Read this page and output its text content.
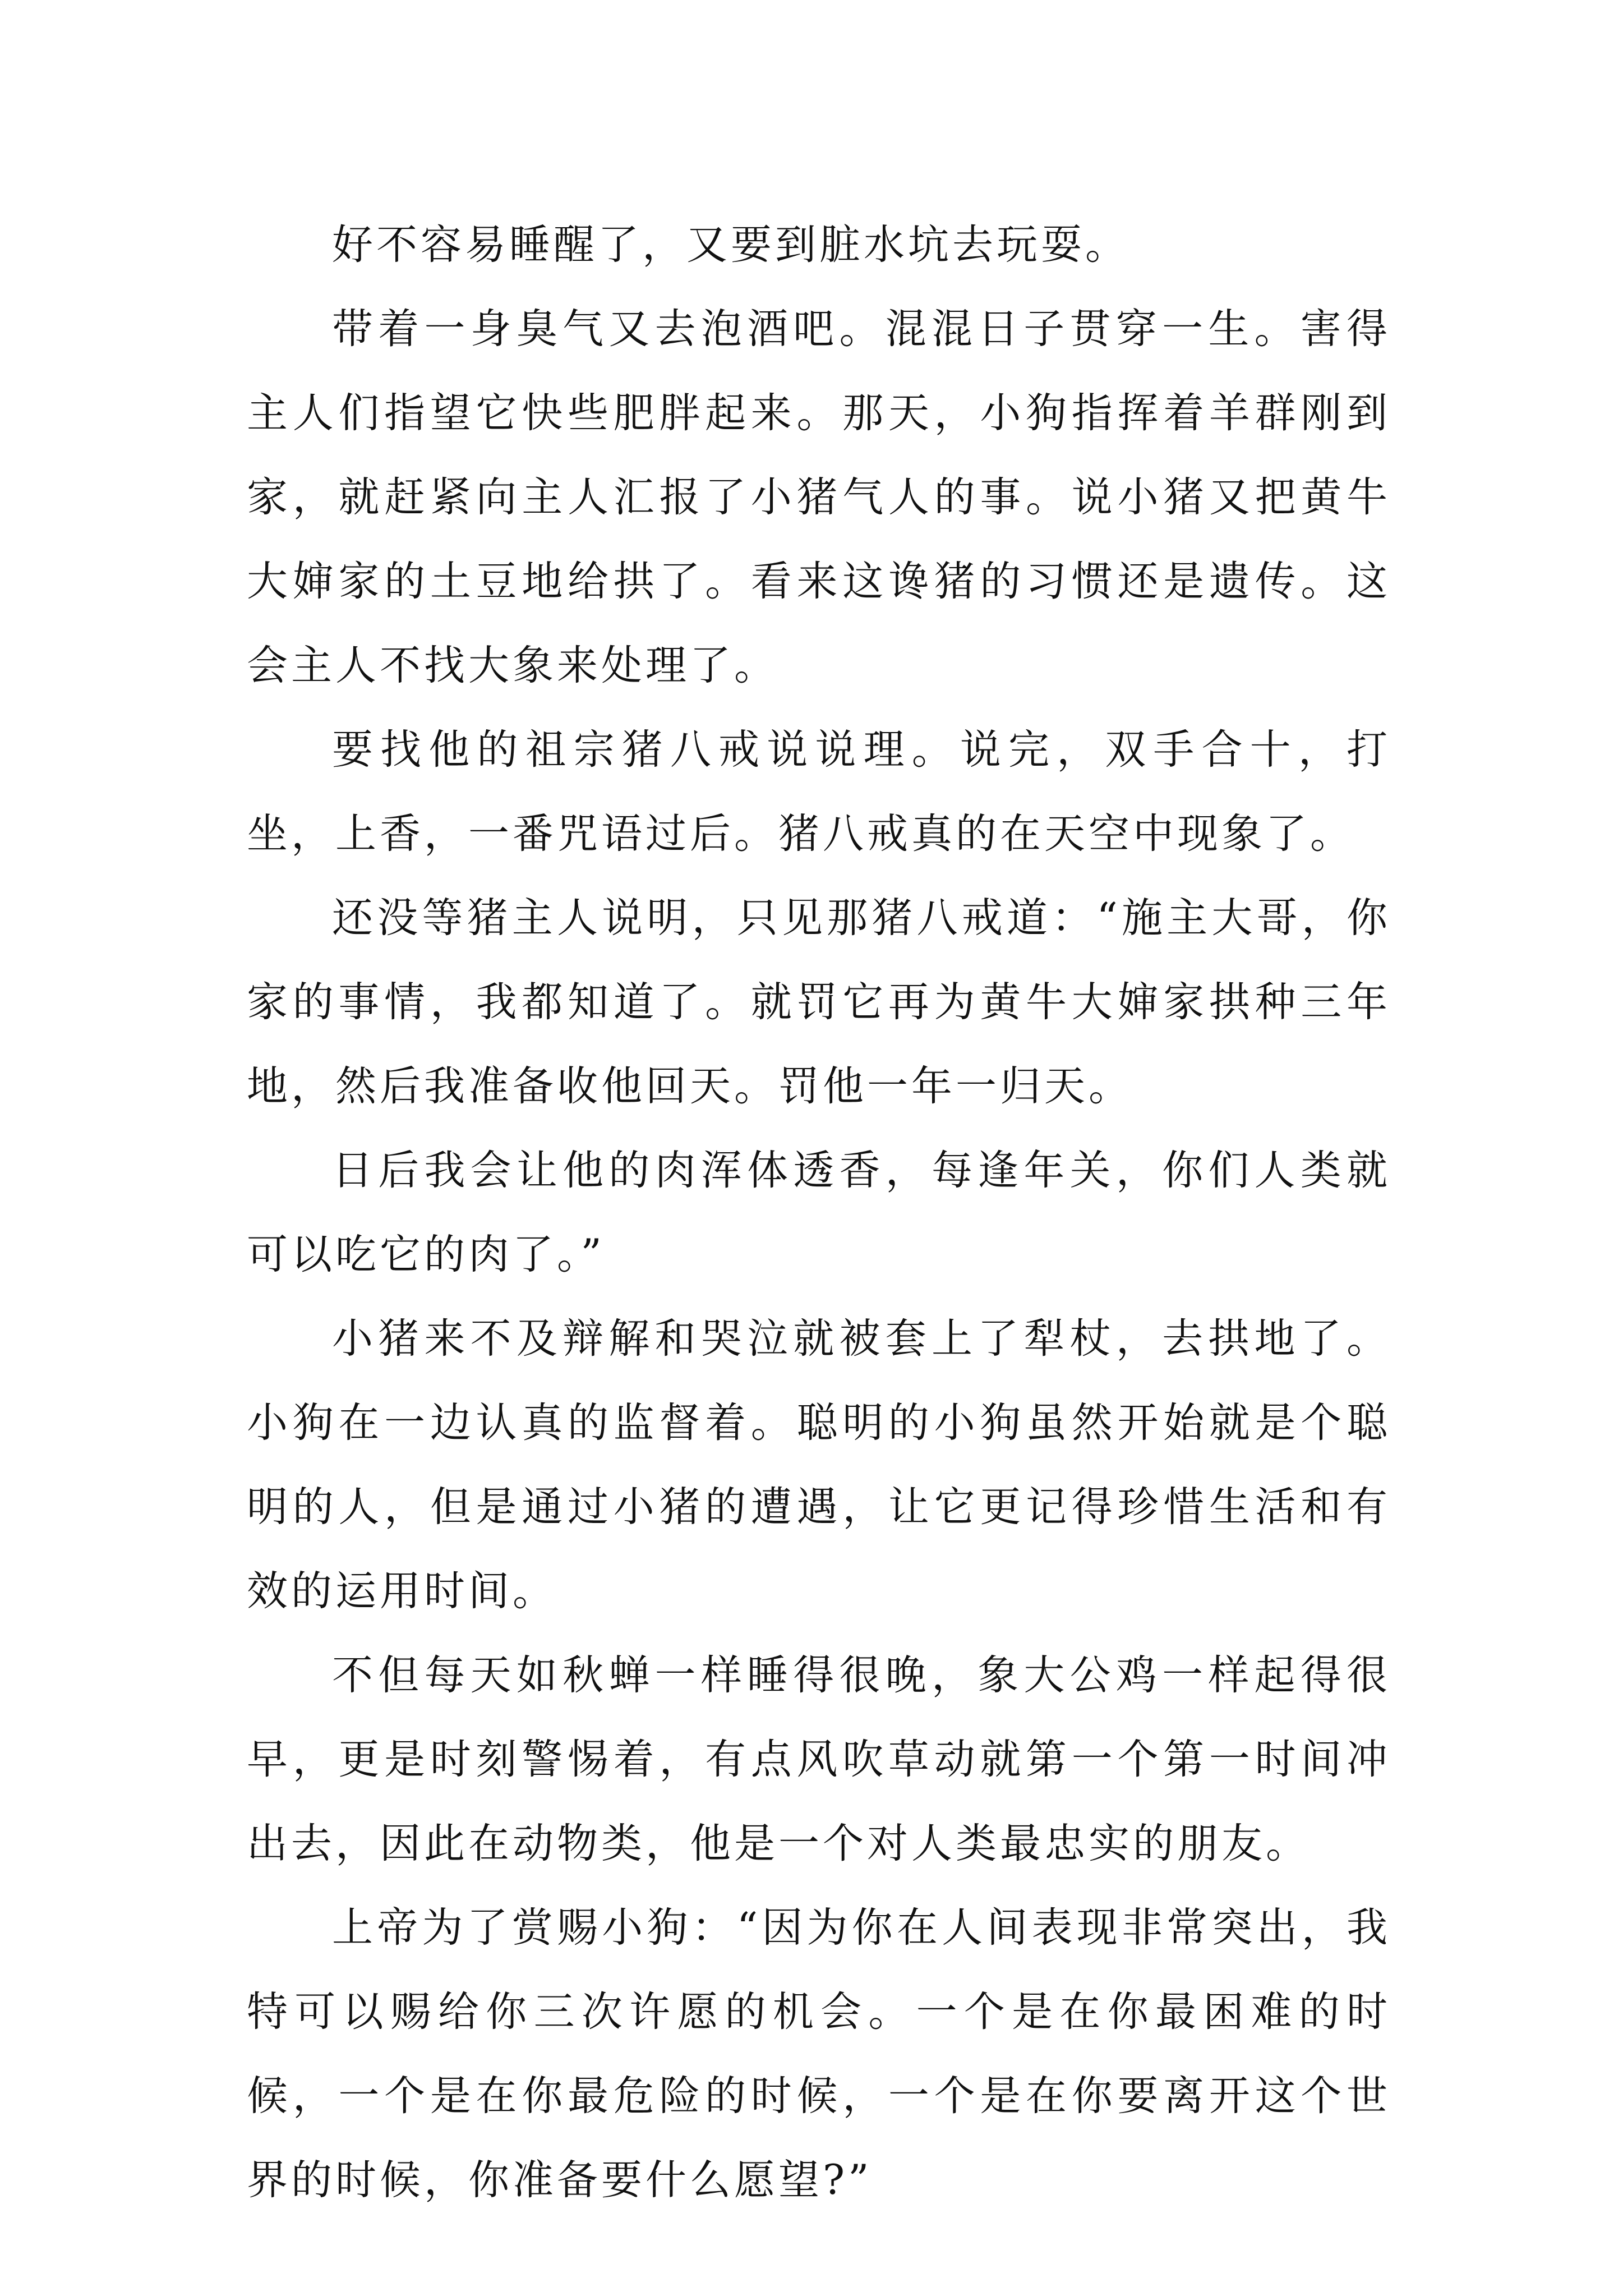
好不容易睡醒了，又要到脏水坑去玩耍。

带着一身臭气又去泡酒吧。混混日子贯穿一生。害得主人们指望它快些肥胖起来。那天，小狗指挥着羊群刚到家，就赶紧向主人汇报了小猪气人的事。说小猪又把黄牛大婶家的土豆地给拱了。看来这谗猪的习惯还是遗传。这会主人不找大象来处理了。

要找他的祖宗猪八戒说说理。说完，双手合十，打坐，上香，一番咒语过后。猪八戒真的在天空中现象了。

还没等猪主人说明，只见那猪八戒道：“施主大哥，你家的事情，我都知道了。就罚它再为黄牛大婶家拱种三年地，然后我准备收他回天。罚他一年一归天。

日后我会让他的肉浑体透香，每逢年关，你们人类就可以吃它的肉了。”

小猪来不及辩解和哭泣就被套上了犁杖，去拱地了。小狗在一边认真的监督着。聪明的小狗虽然开始就是个聪明的人，但是通过小猪的遭遇，让它更记得珍惜生活和有效的运用时间。

不但每天如秋蝉一样睡得很晚，象大公鸡一样起得很早，更是时刻警惕着，有点风吹草动就第一个第一时间冲出去，因此在动物类，他是一个对人类最忠实的朋友。

上帝为了赏赐小狗：“因为你在人间表现非常突出，我特可以赐给你三次许愿的机会。一个是在你最困难的时候，一个是在你最危险的时候，一个是在你要离开这个世界的时候，你准备要什么愿望?”
